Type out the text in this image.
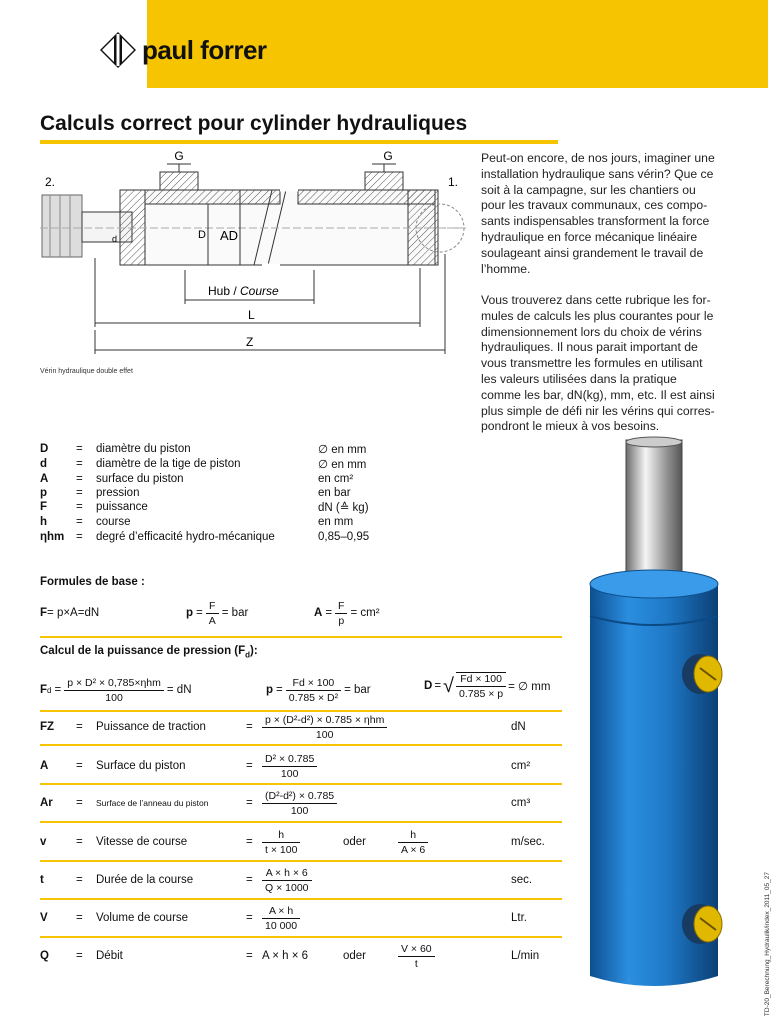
paul forrer
Calculs correct pour cylinder hydrauliques
G	G
2.	1.
d	D AD
Hub / Course
L
Z
Vérin hydraulique double effet
Peut-on encore, de nos jours, imaginer une
installation hydraulique sans vérin? Que ce
soit à la campagne, sur les chantiers ou
pour les travaux communaux, ces compo-
sants indispensables transforment la force
hydraulique en force mécanique linéaire
soulageant ainsi grandement le travail de
l’homme.
Vous trouverez dans cette rubrique les for-
mules de calculs les plus courantes pour le
dimensionnement lors du choix de vérins
hydrauliques. Il nous parait important de
vous transmettre les formules en utilisant
les valeurs utilisées dans la pratique
comme les bar, dN(kg), mm, etc. Il est ainsi
plus simple de défi nir les vérins qui corres-
pondront le mieux à vos besoins.
D	=	diamètre du piston	∅ en mm
d	=	diamètre de la tige de piston	∅ en mm
A	=	surface du piston	en cm²
p	=	pression	en bar
F	=	puissance	dN (≙ kg)
h	=	course	en mm
ηhm	=	degré d’efficacité hydro-mécanique	0,85–0,95
Formules de base :
F = p×A=dN	$p = \frac{F}{A}$ = bar	$A = \frac{F}{p} = cm^2$
Calcul de la puissance de pression $(F_d)$:
F $d = \frac{\text{p × D² × 0,785×ηhm}}{100}$ = dN	$p = \frac{Fd \times 100}{\text{0.785 × D²}}$ = bar	D = √ $\frac{Fd \times 100}{0.785 \times p}$ = ∅ mm
FZ = Puissance de traction	= $\frac{\text{p × (D²-d²) × 0.785 × ηhm}}{100}$	dN
A = Surface du piston	= $\frac{\text{D² × 0.785}}{100}$	cm²
Ar = Surface de l’anneau du piston	= $\frac{\text{(D²-d²) × 0.785}}{100}$	cm³
v	= Vitesse de course	= $\frac{h}{t \times 100}$	oder	$\frac{h}{A \times 6}$	m/sec.
t	= Durée de la course	= $\frac{A \times h \times 6}{Q \times 1000}$	sec.
V = Volume de course	= $\frac{A \times h}{10 000}$	Ltr.
Q = Débit	= A × h × 6	oder	$\frac{V \times 60}{t}$	L/min	TD-20_Berechnung_Hydraulik/index_2011_05_27
